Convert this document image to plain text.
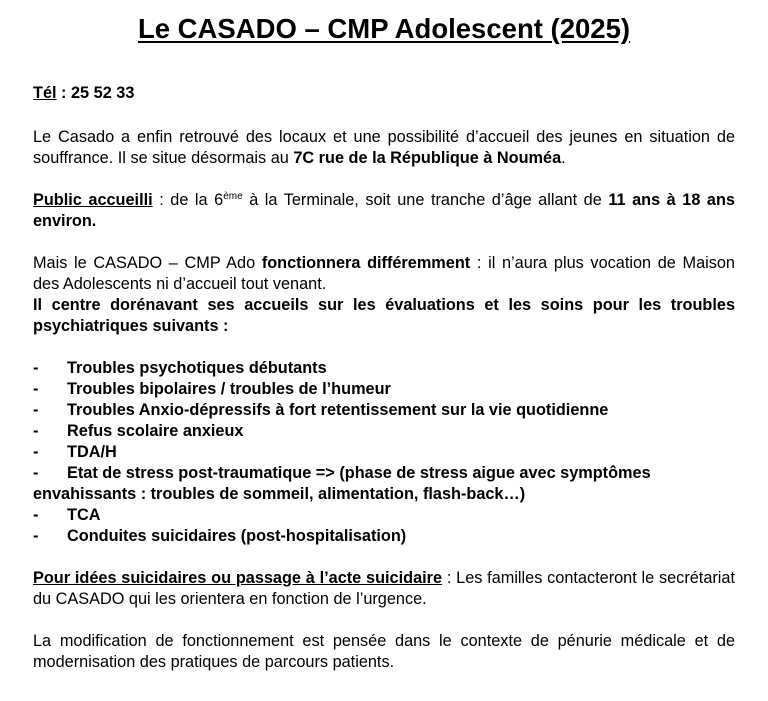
Le CASADO – CMP Adolescent (2025)

Tél : 25 52 33

Le Casado a enfin retrouvé des locaux et une possibilité d’accueil des jeunes en situation de souffrance. Il se situe désormais au 7C rue de la République à Nouméa.

Public accueilli : de la 6ème à la Terminale, soit une tranche d’âge allant de 11 ans à 18 ans environ.

Mais le CASADO – CMP Ado fonctionnera différemment : il n’aura plus vocation de Maison des Adolescents ni d’accueil tout venant.

Il centre dorénavant ses accueils sur les évaluations et les soins pour les troubles psychiatriques suivants :

- Troubles psychotiques débutants
- Troubles bipolaires / troubles de l’humeur
- Troubles Anxio-dépressifs à fort retentissement sur la vie quotidienne
- Refus scolaire anxieux
- TDA/H
- Etat de stress post-traumatique => (phase de stress aigue avec symptômes envahissants : troubles de sommeil, alimentation, flash-back…)
- TCA
- Conduites suicidaires (post-hospitalisation)

Pour idées suicidaires ou passage à l’acte suicidaire : Les familles contacteront le secrétariat du CASADO qui les orientera en fonction de l’urgence.

La modification de fonctionnement est pensée dans le contexte de pénurie médicale et de modernisation des pratiques de parcours patients.
